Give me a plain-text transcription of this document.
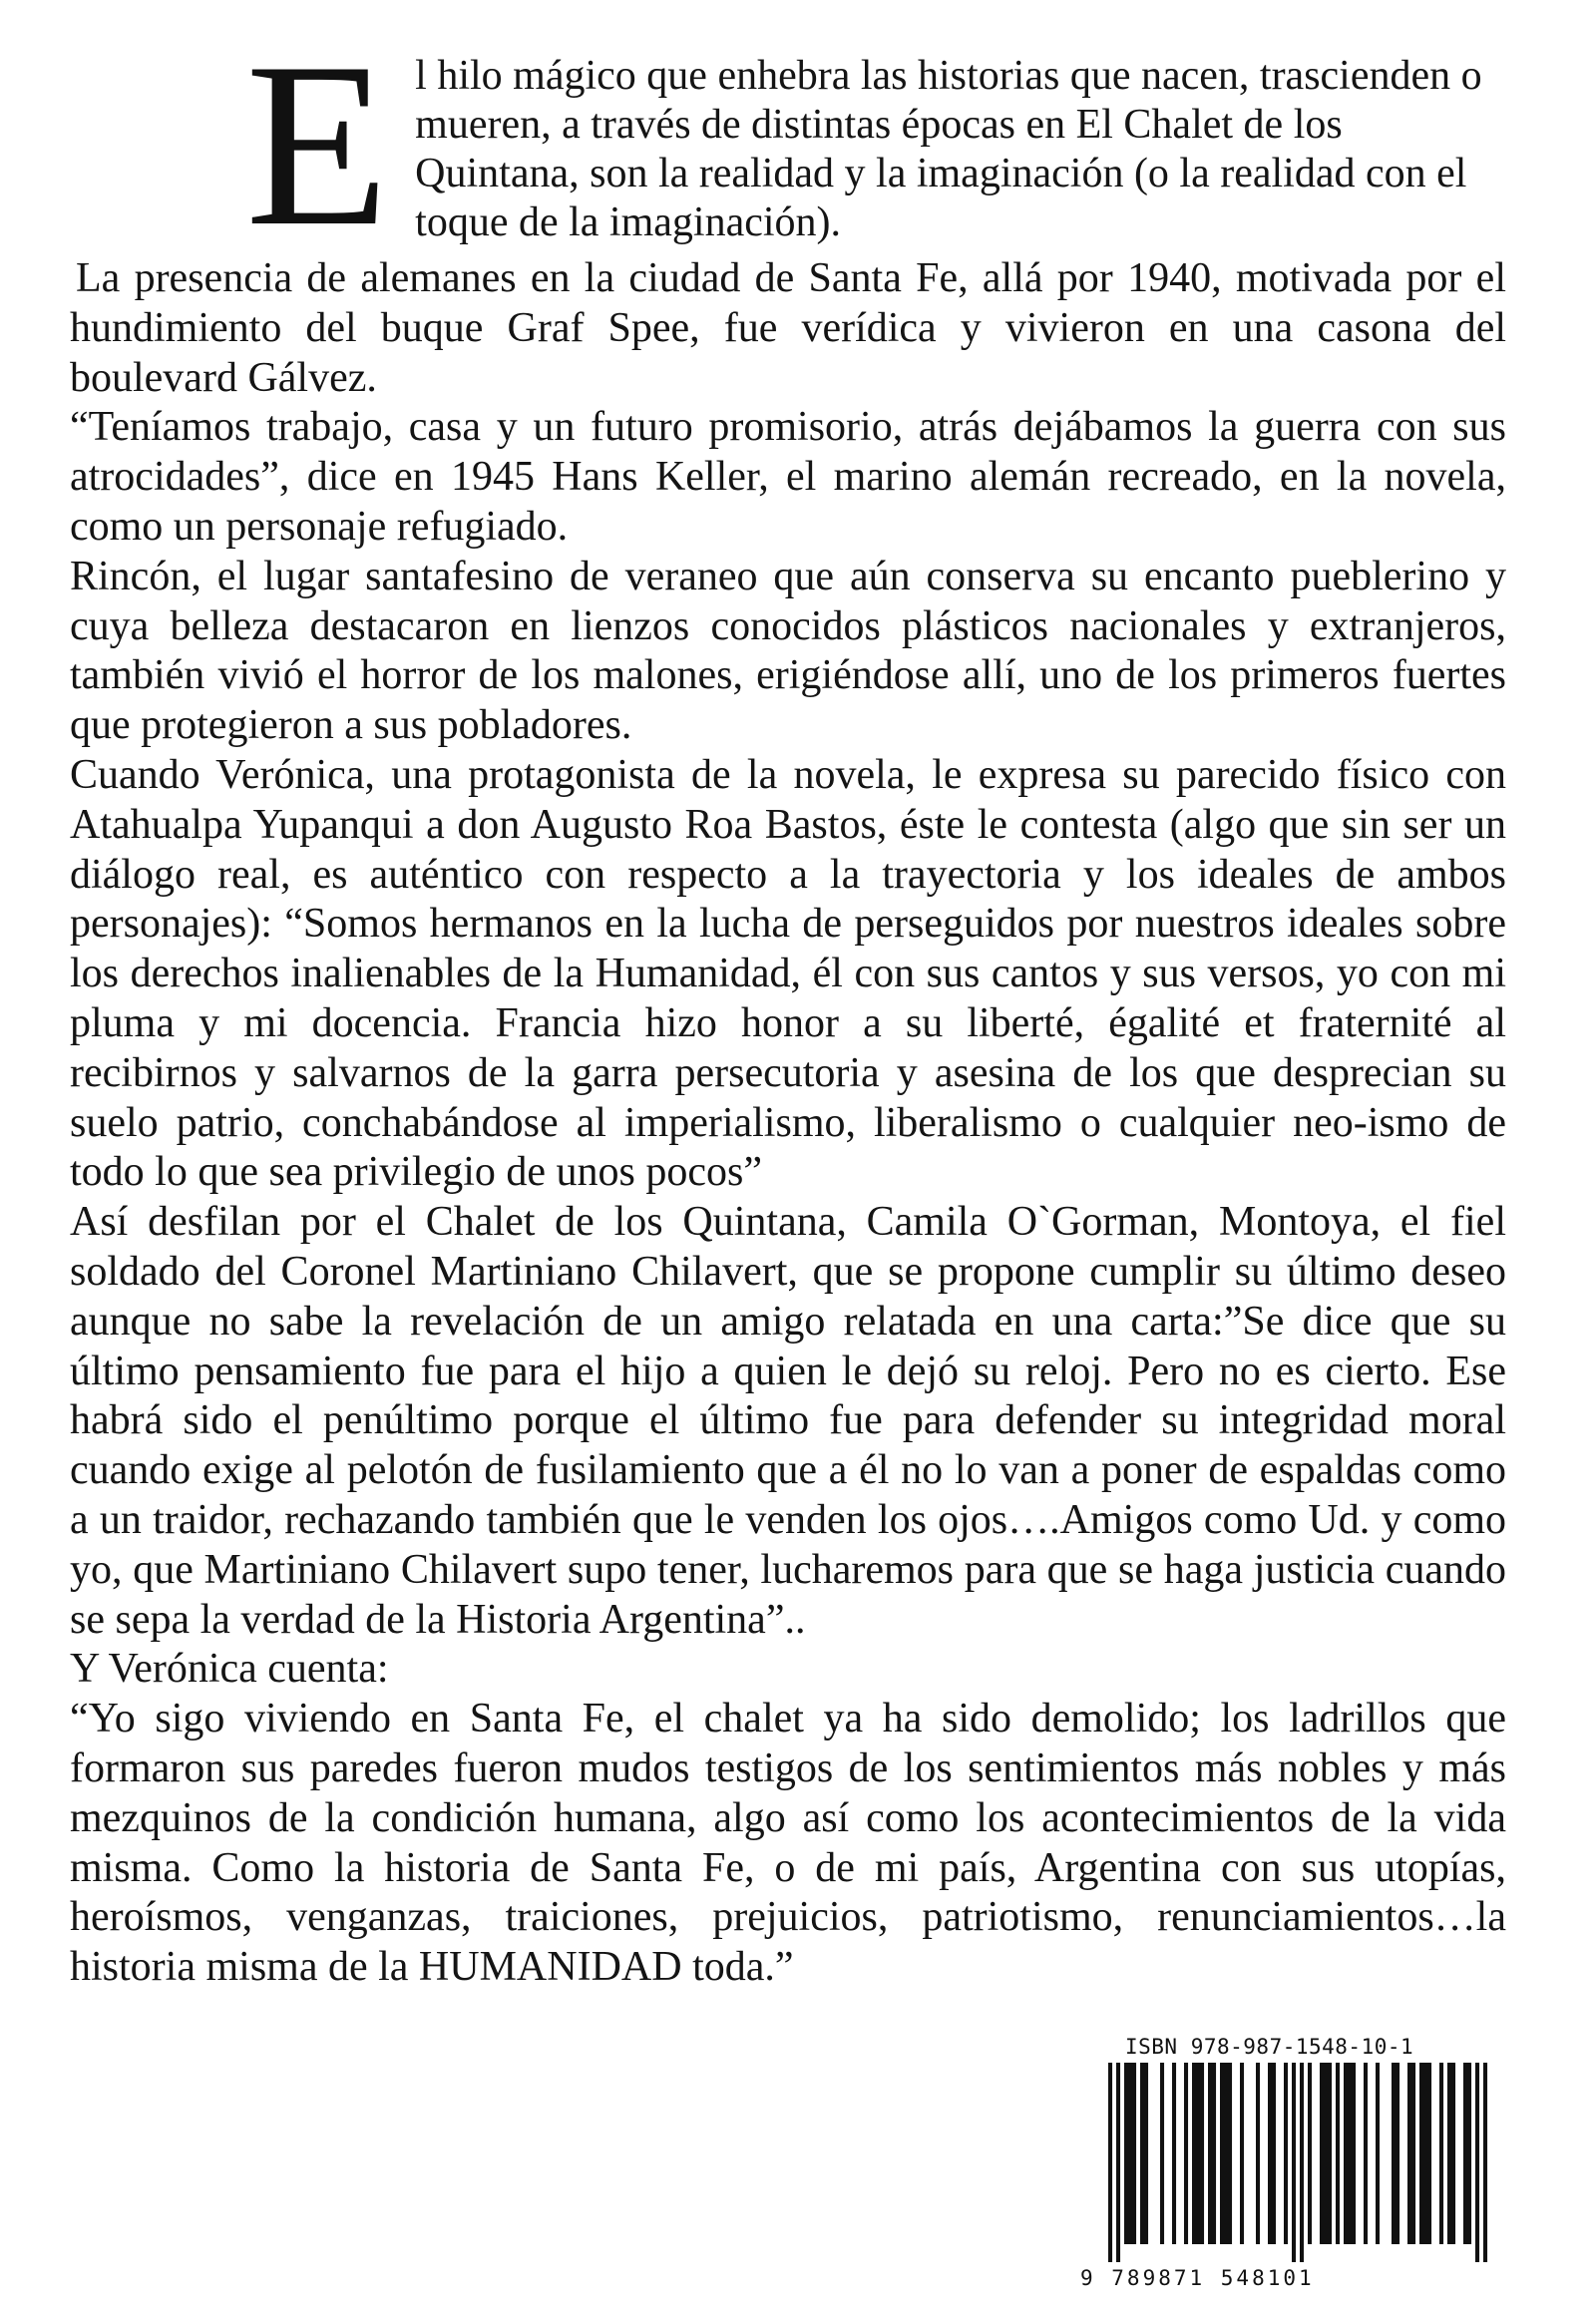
E l hilo mágico que enhebra las historias que nacen, trascienden o mueren, a través de distintas épocas en El Chalet de los Quintana, son la realidad y la imaginación (o la realidad con el toque de la imaginación).

La presencia de alemanes en la ciudad de Santa Fe, allá por 1940, motivada por el hundimiento del buque Graf Spee, fue verídica y vivieron en una casona del boulevard Gálvez.

“Teníamos trabajo, casa y un futuro promisorio, atrás dejábamos la guerra con sus atrocidades”, dice en 1945 Hans Keller, el marino alemán recreado, en la novela, como un personaje refugiado.

Rincón, el lugar santafesino de veraneo que aún conserva su encanto pueblerino y cuya belleza destacaron en lienzos conocidos plásticos nacionales y extranjeros, también vivió el horror de los malones, erigiéndose allí, uno de los primeros fuertes que protegieron a sus pobladores.

Cuando Verónica, una protagonista de la novela, le expresa su parecido físico con Atahualpa Yupanqui a don Augusto Roa Bastos, éste le contesta (algo que sin ser un diálogo real, es auténtico con respecto a la trayectoria y los ideales de ambos personajes): “Somos hermanos en la lucha de perseguidos por nuestros ideales sobre los derechos inalienables de la Humanidad, él con sus cantos y sus versos, yo con mi pluma y mi docencia. Francia hizo honor a su liberté, égalité et fraternité al recibirnos y salvarnos de la garra persecutoria y asesina de los que desprecian su suelo patrio, conchabándose al imperialismo, liberalismo o cualquier neo-ismo de todo lo que sea privilegio de unos pocos”

Así desfilan por el Chalet de los Quintana, Camila O`Gorman, Montoya, el fiel soldado del Coronel Martiniano Chilavert, que se propone cumplir su último deseo aunque no sabe la revelación de un amigo relatada en una carta:”Se dice que su último pensamiento fue para el hijo a quien le dejó su reloj. Pero no es cierto. Ese habrá sido el penúltimo porque el último fue para defender su integridad moral cuando exige al pelotón de fusilamiento que a él no lo van a poner de espaldas como a un traidor, rechazando también que le venden los ojos….Amigos como Ud. y como yo, que Martiniano Chilavert supo tener, lucharemos para que se haga justicia cuando se sepa la verdad de la Historia Argentina”..

Y Verónica cuenta:

“Yo sigo viviendo en Santa Fe, el chalet ya ha sido demolido; los ladrillos que formaron sus paredes fueron mudos testigos de los sentimientos más nobles y más mezquinos de la condición humana, algo así como los acontecimientos de la vida misma. Como la historia de Santa Fe, o de mi país, Argentina con sus utopías, heroísmos, venganzas, traiciones, prejuicios, patriotismo, renunciamientos…la historia misma de la HUMANIDAD toda.”

ISBN 978-987-1548-10-1
9 789871 548101
